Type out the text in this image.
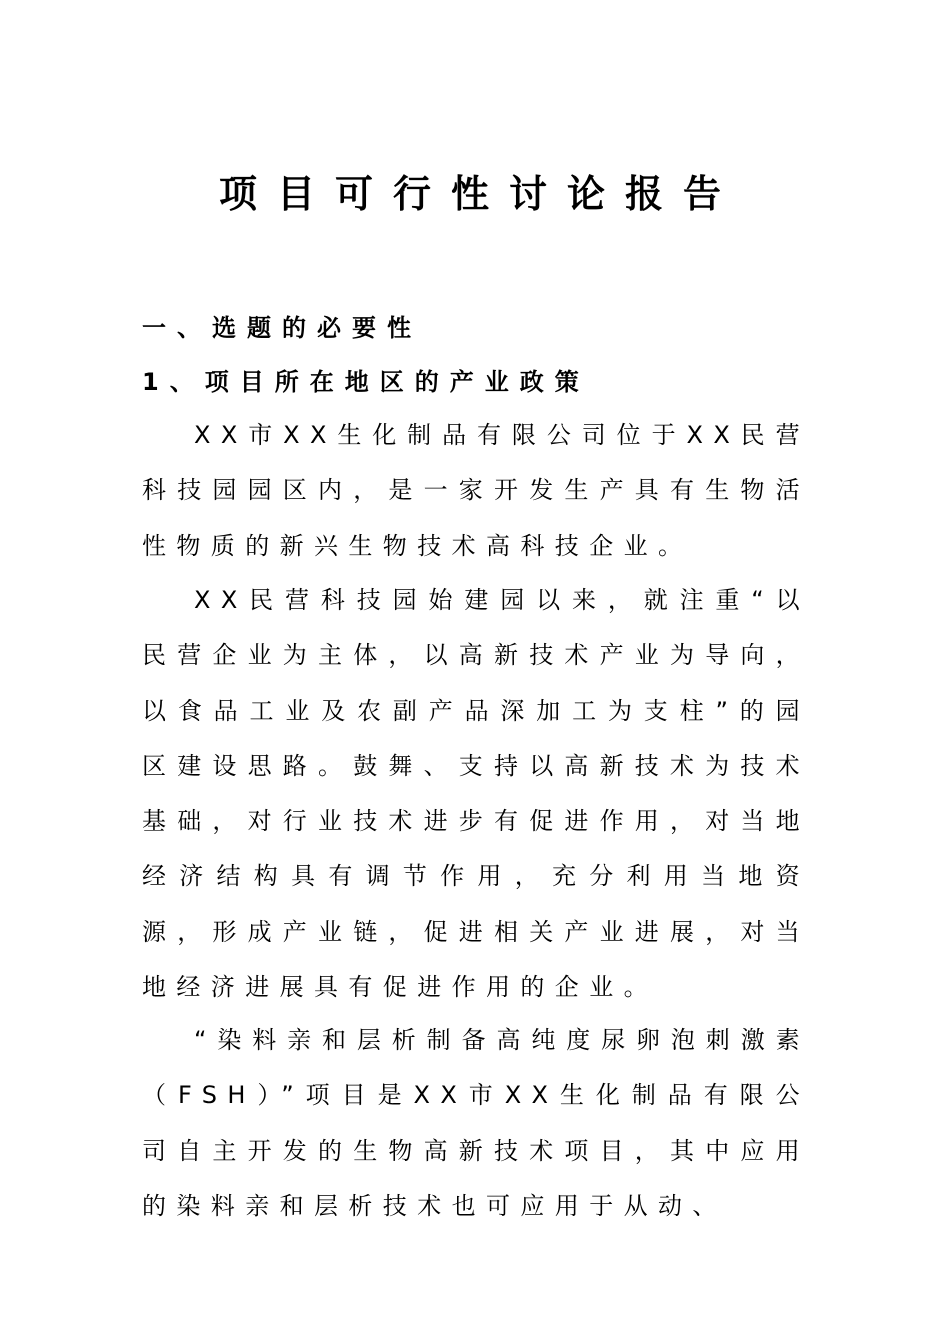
项目可行性讨论报告
一、选题的必要性
1、项目所在地区的产业政策

XX市XX生化制品有限公司位于XX民营科技园园区内，是一家开发生产具有生物活性物质的新兴生物技术高科技企业。

XX民营科技园始建园以来，就注重“以民营企业为主体，以高新技术产业为导向，以食品工业及农副产品深加工为支柱”的园区建设思路。鼓舞、支持以高新技术为技术基础，对行业技术进步有促进作用，对当地经济结构具有调节作用，充分利用当地资源，形成产业链，促进相关产业进展，对当地经济进展具有促进作用的企业。

“染料亲和层析制备高纯度尿卵泡刺激素（FSH）”项目是XX市XX生化制品有限公司自主开发的生物高新技术项目，其中应用的染料亲和层析技术也可应用于从动、
